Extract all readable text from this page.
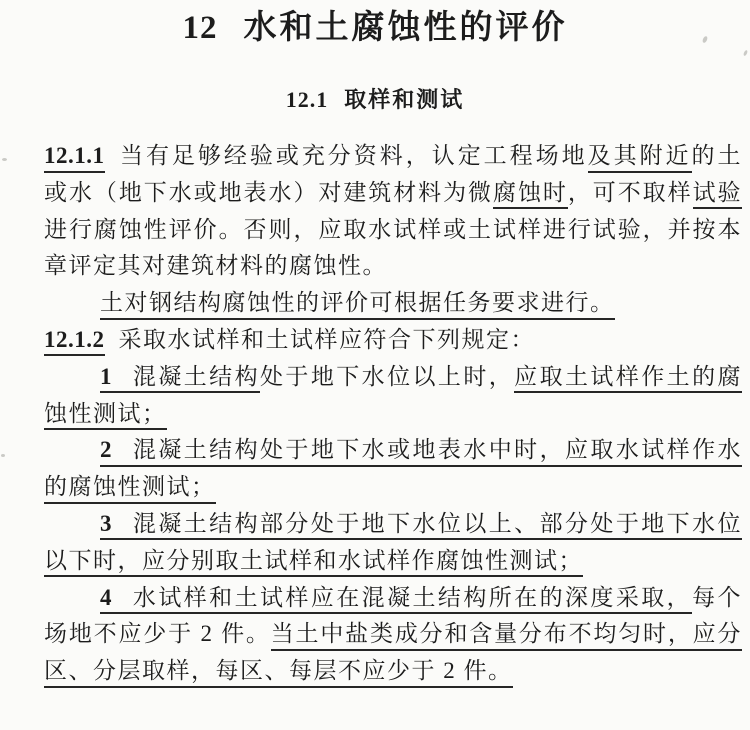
12 水和土腐蚀性的评价
12.1 取样和测试
12.1.1 当有足够经验或充分资料，认定工程场地及其附近的土
或水（地下水或地表水）对建筑材料为微腐蚀时，可不取样试验
进行腐蚀性评价。否则，应取水试样或土试样进行试验，并按本
章评定其对建筑材料的腐蚀性。
土对钢结构腐蚀性的评价可根据任务要求进行。
12.1.2 采取水试样和土试样应符合下列规定：
1 混凝土结构处于地下水位以上时，应取土试样作土的腐
蚀性测试；
2 混凝土结构处于地下水或地表水中时，应取水试样作水
的腐蚀性测试；
3 混凝土结构部分处于地下水位以上、部分处于地下水位
以下时，应分别取土试样和水试样作腐蚀性测试；
4 水试样和土试样应在混凝土结构所在的深度采取，每个
场地不应少于 2 件。当土中盐类成分和含量分布不均匀时，应分
区、分层取样，每区、每层不应少于 2 件。
